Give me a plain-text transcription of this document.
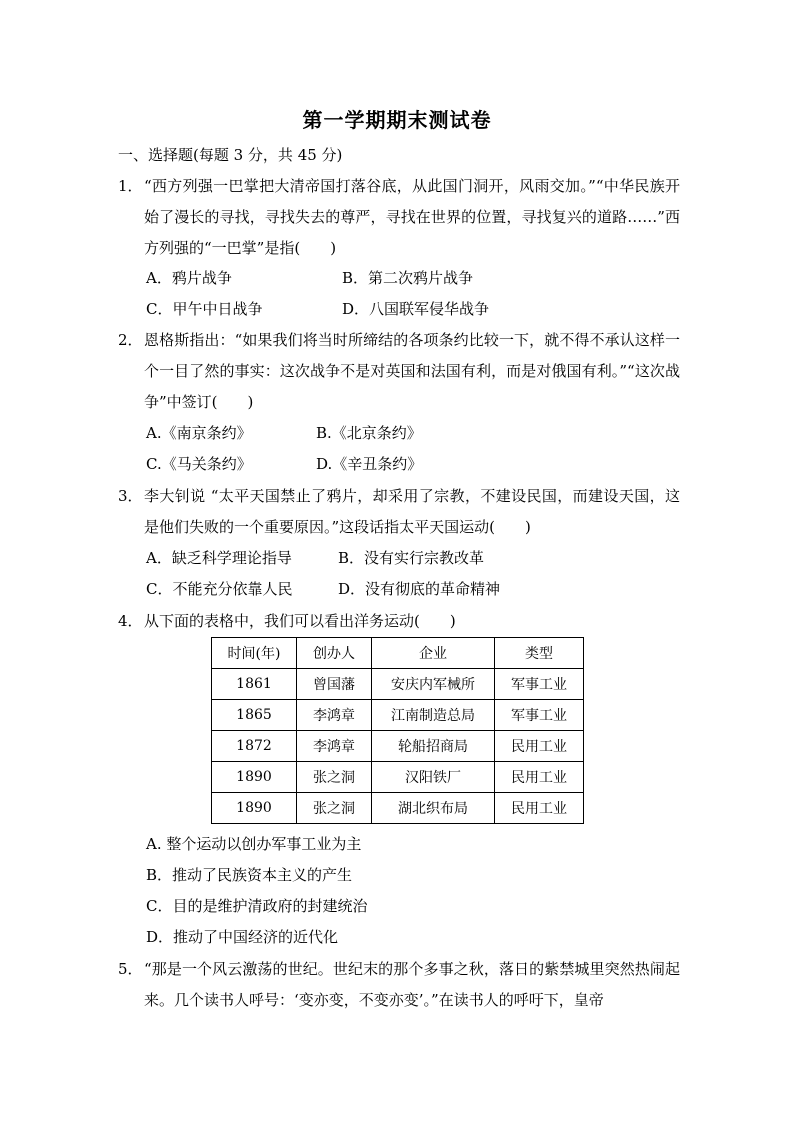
第一学期期末测试卷
一、选择题(每题 3 分，共 45 分)
1． “西方列强一巴掌把大清帝国打落谷底，从此国门洞开，风雨交加。”“中华民族开始了漫长的寻找，寻找失去的尊严，寻找在世界的位置，寻找复兴的道路……”西方列强的“一巴掌”是指(　　)
A．鸦片战争	B．第二次鸦片战争
C．甲午中日战争	D．八国联军侵华战争
2． 恩格斯指出：“如果我们将当时所缔结的各项条约比较一下，就不得不承认这样一个一目了然的事实：这次战争不是对英国和法国有利，而是对俄国有利。”“这次战争”中签订(　　)
A.《南京条约》	B.《北京条约》
C.《马关条约》	D.《辛丑条约》
3． 李大钊说 “太平天国禁止了鸦片，却采用了宗教，不建设民国，而建设天国，这是他们失败的一个重要原因。”这段话指太平天国运动(　　)
A．缺乏科学理论指导	B．没有实行宗教改革
C．不能充分依靠人民	D．没有彻底的革命精神
4． 从下面的表格中，我们可以看出洋务运动(　　)
时间(年)	创办人	企业	类型
1861	曾国藩	安庆内军械所	军事工业
1865	李鸿章	江南制造总局	军事工业
1872	李鸿章	轮船招商局	民用工业
1890	张之洞	汉阳铁厂	民用工业
1890	张之洞	湖北织布局	民用工业
A. 整个运动以创办军事工业为主
B．推动了民族资本主义的产生
C．目的是维护清政府的封建统治
D．推动了中国经济的近代化
5． “那是一个风云激荡的世纪。世纪末的那个多事之秋，落日的紫禁城里突然热闹起来。几个读书人呼号：‘变亦变，不变亦变’。”在读书人的呼吁下，皇帝
